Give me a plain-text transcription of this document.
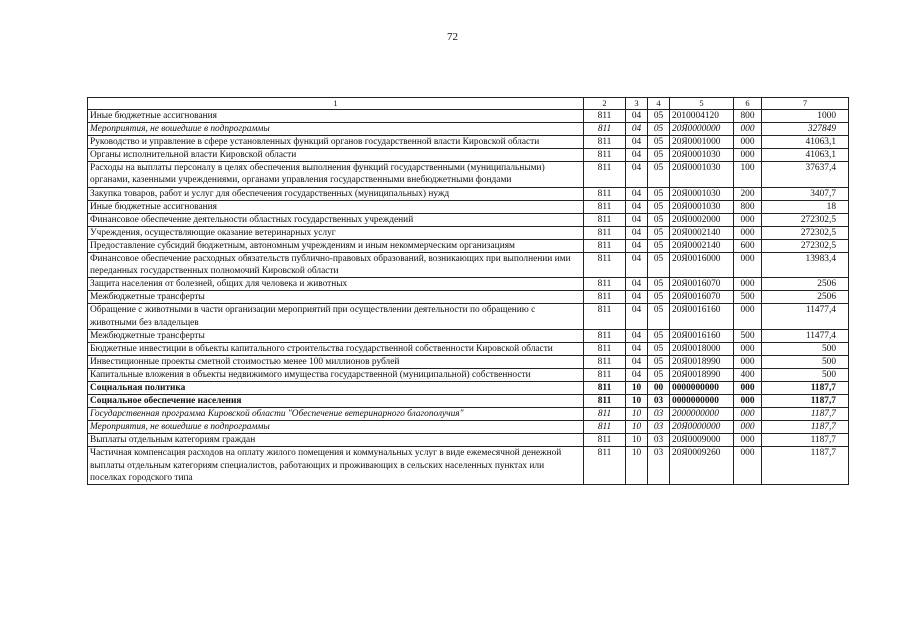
72
1	2	3	4	5	6	7
Иные бюджетные ассигнования	811	04	05	2010004120	800	1000
Мероприятия, не вошедшие в подпрограммы	811	04	05	20Я0000000	000	327849
Руководство и управление в сфере установленных функций органов государственной власти Кировской области	811	04	05	20Я0001000	000	41063,1
Органы исполнительной власти Кировской области	811	04	05	20Я0001030	000	41063,1
Расходы на выплаты персоналу в целях обеспечения выполнения функций государственными (муниципальными) органами, казенными учреждениями, органами управления государственными внебюджетными фондами	811	04	05	20Я0001030	100	37637,4
Закупка товаров, работ и услуг для обеспечения государственных (муниципальных) нужд	811	04	05	20Я0001030	200	3407,7
Иные бюджетные ассигнования	811	04	05	20Я0001030	800	18
Финансовое обеспечение деятельности областных государственных учреждений	811	04	05	20Я0002000	000	272302,5
Учреждения, осуществляющие оказание ветеринарных услуг	811	04	05	20Я0002140	000	272302,5
Предоставление субсидий бюджетным, автономным учреждениям и иным некоммерческим организациям	811	04	05	20Я0002140	600	272302,5
Финансовое обеспечение расходных обязательств публично-правовых образований, возникающих при выполнении ими переданных государственных полномочий Кировской области	811	04	05	20Я0016000	000	13983,4
Защита населения от болезней, общих для человека и животных	811	04	05	20Я0016070	000	2506
Межбюджетные трансферты	811	04	05	20Я0016070	500	2506
Обращение с животными в части организации мероприятий при осуществлении деятельности по обращению с животными без владельцев	811	04	05	20Я0016160	000	11477,4
Межбюджетные трансферты	811	04	05	20Я0016160	500	11477,4
Бюджетные инвестиции в объекты капитального строительства государственной собственности Кировской области	811	04	05	20Я0018000	000	500
Инвестиционные проекты сметной стоимостью менее 100 миллионов рублей	811	04	05	20Я0018990	000	500
Капитальные вложения в объекты недвижимого имущества государственной (муниципальной) собственности	811	04	05	20Я0018990	400	500
Социальная политика	811	10	00	0000000000	000	1187,7
Социальное обеспечение населения	811	10	03	0000000000	000	1187,7
Государственная программа Кировской области "Обеспечение ветеринарного благополучия"	811	10	03	2000000000	000	1187,7
Мероприятия, не вошедшие в подпрограммы	811	10	03	20Я0000000	000	1187,7
Выплаты отдельным категориям граждан	811	10	03	20Я0009000	000	1187,7
Частичная компенсация расходов на оплату жилого помещения и коммунальных услуг в виде ежемесячной денежной выплаты отдельным категориям специалистов, работающих и проживающих в сельских населенных пунктах или поселках городского типа	811	10	03	20Я0009260	000	1187,7
